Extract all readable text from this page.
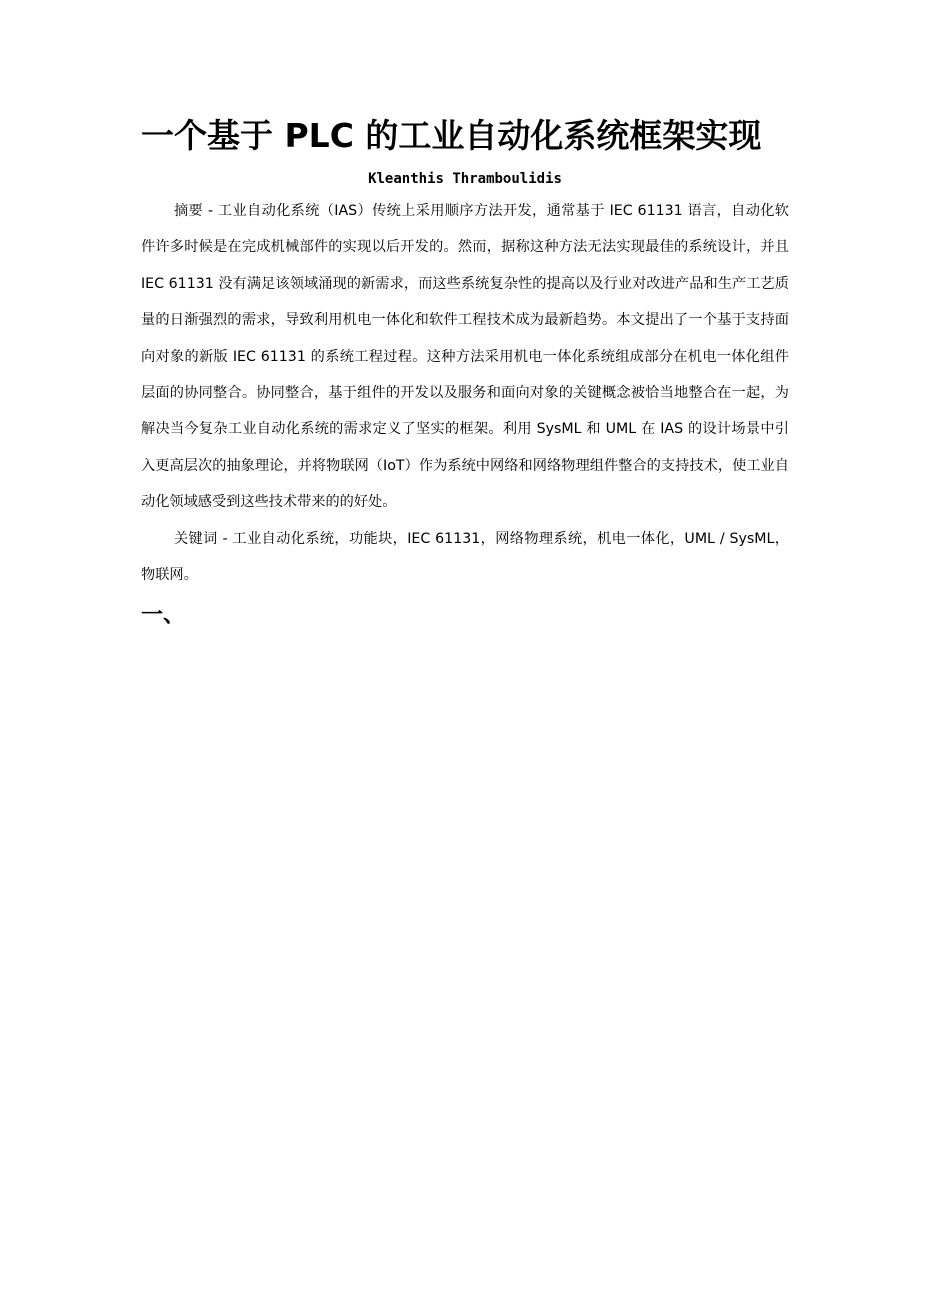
一个基于 PLC 的工业自动化系统框架实现
Kleanthis Thramboulidis

摘要 - 工业自动化系统（IAS）传统上采用顺序方法开发，通常基于 IEC 61131 语言，自动化软件许多时候是在完成机械部件的实现以后开发的。然而，据称这种方法无法实现最佳的系统设计，并且 IEC 61131 没有满足该领域涌现的新需求，而这些系统复杂性的提高以及行业对改进产品和生产工艺质量的日渐强烈的需求，导致利用机电一体化和软件工程技术成为最新趋势。本文提出了一个基于支持面向对象的新版 IEC 61131 的系统工程过程。这种方法采用机电一体化系统组成部分在机电一体化组件层面的协同整合。协同整合，基于组件的开发以及服务和面向对象的关键概念被恰当地整合在一起，为解决当今复杂工业自动化系统的需求定义了坚实的框架。利用 SysML 和 UML 在 IAS 的设计场景中引入更高层次的抽象理论，并将物联网（IoT）作为系统中网络和网络物理组件整合的支持技术，使工业自动化领域感受到这些技术带来的的好处。

关键词 - 工业自动化系统，功能块，IEC 61131，网络物理系统，机电一体化，UML / SysML，物联网。

一、
